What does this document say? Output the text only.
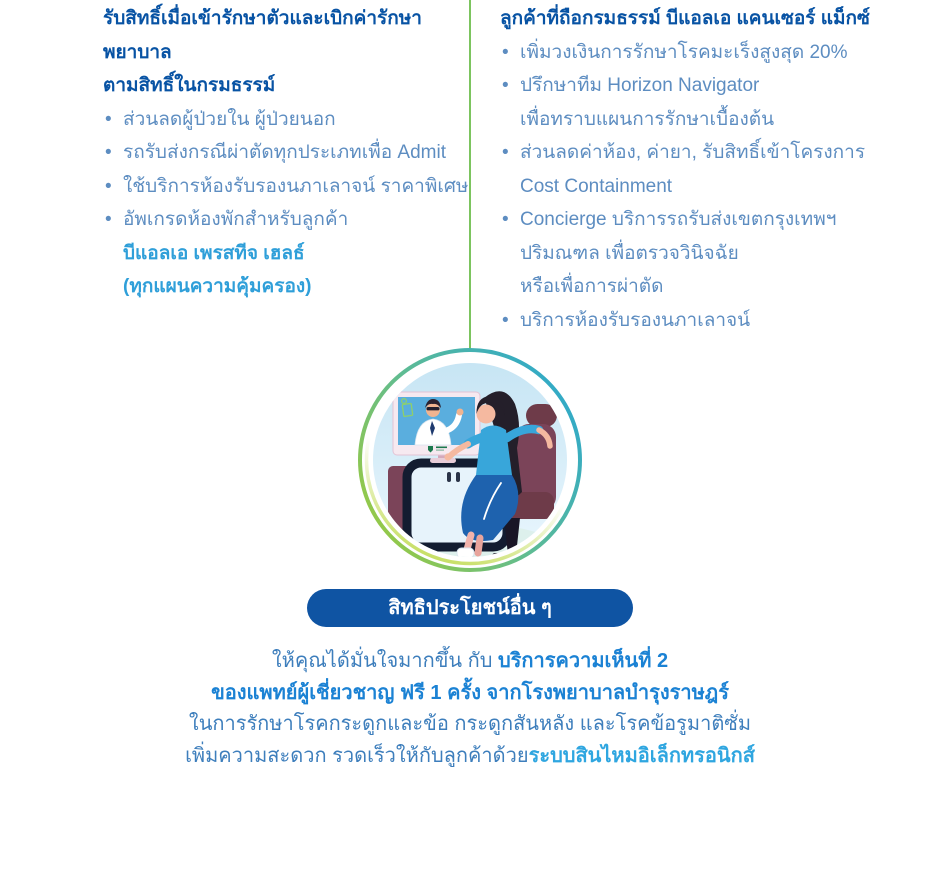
รับสิทธิ์เมื่อเข้ารักษาตัวและเบิกค่ารักษาพยาบาล
ตามสิทธิ์ในกรมธรรม์
• ส่วนลดผู้ป่วยใน ผู้ป่วยนอก
• รถรับส่งกรณีผ่าตัดทุกประเภทเพื่อ Admit
• ใช้บริการห้องรับรองนภาเลาจน์ ราคาพิเศษ
• อัพเกรดห้องพักสำหรับลูกค้า
บีแอลเอ เพรสทีจ เฮลธ์
(ทุกแผนความคุ้มครอง)
ลูกค้าที่ถือกรมธรรม์ บีแอลเอ แคนเซอร์ แม็กซ์
• เพิ่มวงเงินการรักษาโรคมะเร็งสูงสุด 20%
• ปรึกษาทีม Horizon Navigator
เพื่อทราบแผนการรักษาเบื้องต้น
• ส่วนลดค่าห้อง, ค่ายา, รับสิทธิ์เข้าโครงการ
Cost Containment
• Concierge บริการรถรับส่งเขตกรุงเทพฯ
ปริมณฑล เพื่อตรวจวินิจฉัย
หรือเพื่อการผ่าตัด
• บริการห้องรับรองนภาเลาจน์
สิทธิประโยชน์อื่น ๆ
ให้คุณได้มั่นใจมากขึ้น กับ บริการความเห็นที่ 2
ของแพทย์ผู้เชี่ยวชาญ ฟรี 1 ครั้ง จากโรงพยาบาลบำรุงราษฎร์
ในการรักษาโรคกระดูกและข้อ กระดูกสันหลัง และโรคข้อรูมาติซั่ม
เพิ่มความสะดวก รวดเร็วให้กับลูกค้าด้วยระบบสินไหมอิเล็กทรอนิกส์
